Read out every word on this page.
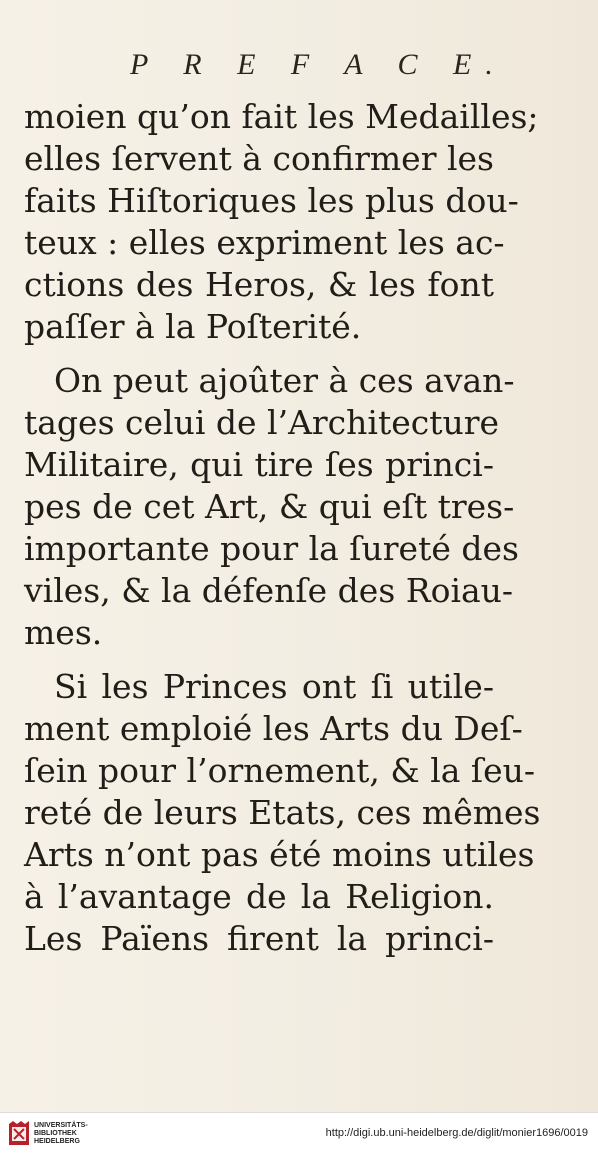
P R E F A C E.
moien qu’on fait les Medailles;
elles ſervent à confirmer les
faits Hiſtoriques les plus dou-
teux : elles expriment les ac-
ctions des Heros, & les font
paſſer à la Poſterité.
On peut ajoûter à ces avan-
tages celui de l’Architecture
Militaire, qui tire ſes princi-
pes de cet Art, & qui eſt tres-
importante pour la ſureté des
viles, & la défenſe des Roiau-
mes.
Si les Princes ont ſi utile-
ment emploié les Arts du Deſ-
ſein pour l’ornement, & la ſeu-
reté de leurs Etats, ces mêmes
Arts n’ont pas été moins utiles
à l’avantage de la Religion.
Les Païens firent la princi-
UNIVERSITÄTS-
BIBLIOTHEK
HEIDELBERG
http://digi.ub.uni-heidelberg.de/diglit/monier1696/0019
